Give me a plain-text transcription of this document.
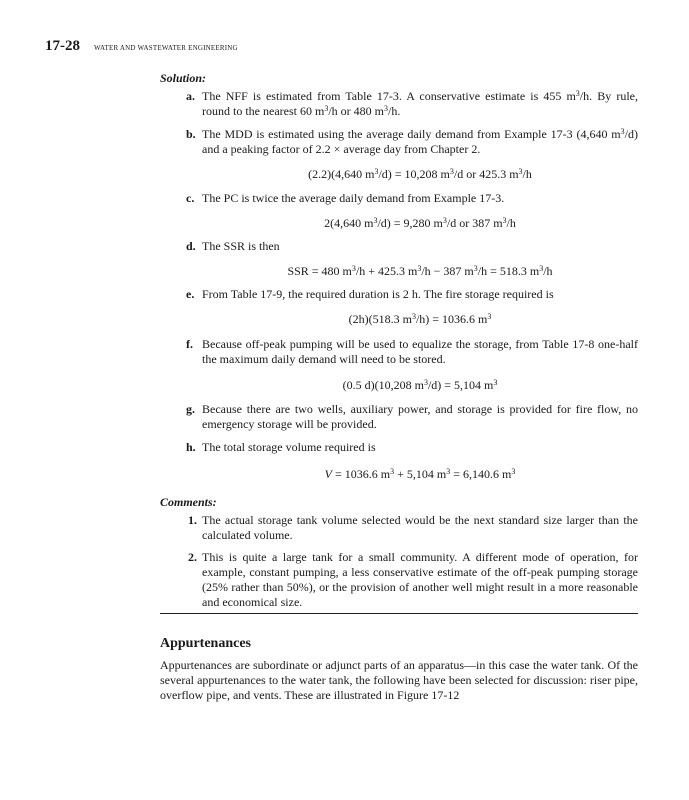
17-28 WATER AND WASTEWATER ENGINEERING
Solution:
a. The NFF is estimated from Table 17-3. A conservative estimate is 455 $m^3/h$. By rule, round to the nearest 60 $m^3/h$ or 480 $m^3/h$.
b. The MDD is estimated using the average daily demand from Example 17-3 (4,640 $m^3/d$) and a peaking factor of 2.2 × average day from Chapter 2.
(2.2)(4,640 $m^3/d) = 10,208$ $m^3/d$ or 425.3 $m^3/h$
c. The PC is twice the average daily demand from Example 17-3.
2(4,640 $m^3/d) = 9,280$ $m^3/d$ or 387 $m^3/h$
d. The SSR is then
SSR = 480 $m^3/h + 425.3$ $m^3/h - 387$ $m^3/h = 518.3$ $m^3/h$
e. From Table 17-9, the required duration is 2 h. The fire storage required is
(2h)(518.3 $m^3/h) = 1036.6$ $m^3$
f. Because off-peak pumping will be used to equalize the storage, from Table 17-8 one-half the maximum daily demand will need to be stored.
(0.5 d)(10,208 $m^3/d) = 5,104$ $m^3$
g. Because there are two wells, auxiliary power, and storage is provided for fire flow, no emergency storage will be provided.
h. The total storage volume required is
V = 1036.6 $m^3 + 5,104$ $m^3 = 6,140.6$ $m^3$
Comments:
1. The actual storage tank volume selected would be the next standard size larger than the calculated volume.
2. This is quite a large tank for a small community. A different mode of operation, for example, constant pumping, a less conservative estimate of the off-peak pumping storage (25% rather than 50%), or the provision of another well might result in a more reasonable and economical size.
Appurtenances

Appurtenances are subordinate or adjunct parts of an apparatus—in this case the water tank. Of the several appurtenances to the water tank, the following have been selected for discussion: riser pipe, overflow pipe, and vents. These are illustrated in Figure 17-12
